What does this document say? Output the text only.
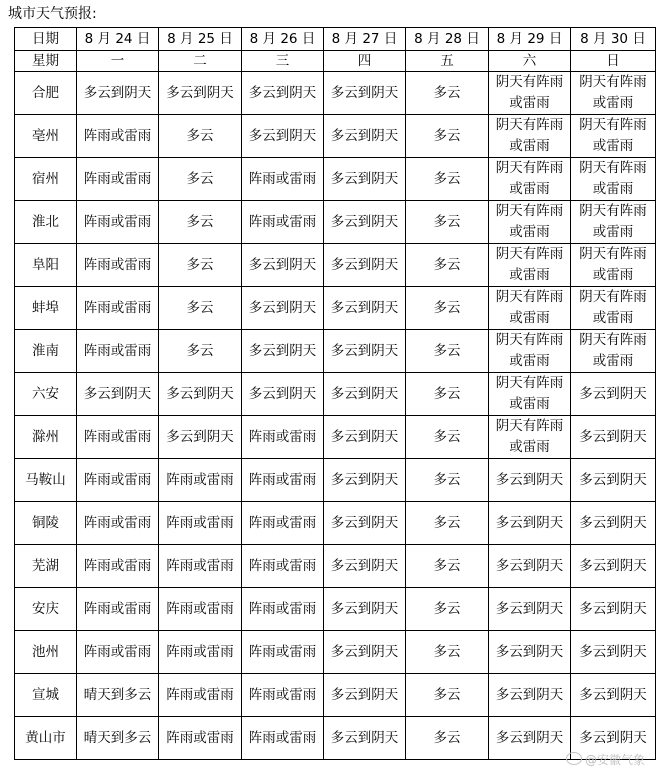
城市天气预报:
日期	8 月 24 日	8 月 25 日	8 月 26 日	8 月 27 日	8 月 28 日	8 月 29 日	8 月 30 日
星期	一	二	三	四	五	六	日
合肥	多云到阴天	多云到阴天	多云到阴天	多云到阴天	多云	阴天有阵雨或雷雨	阴天有阵雨或雷雨
亳州	阵雨或雷雨	多云	多云到阴天	多云到阴天	多云	阴天有阵雨或雷雨	阴天有阵雨或雷雨
宿州	阵雨或雷雨	多云	阵雨或雷雨	多云到阴天	多云	阴天有阵雨或雷雨	阴天有阵雨或雷雨
淮北	阵雨或雷雨	多云	阵雨或雷雨	多云到阴天	多云	阴天有阵雨或雷雨	阴天有阵雨或雷雨
阜阳	阵雨或雷雨	多云	多云到阴天	多云到阴天	多云	阴天有阵雨或雷雨	阴天有阵雨或雷雨
蚌埠	阵雨或雷雨	多云	多云到阴天	多云到阴天	多云	阴天有阵雨或雷雨	阴天有阵雨或雷雨
淮南	阵雨或雷雨	多云	多云到阴天	多云到阴天	多云	阴天有阵雨或雷雨	阴天有阵雨或雷雨
六安	多云到阴天	多云到阴天	多云到阴天	多云到阴天	多云	阴天有阵雨或雷雨	多云到阴天
滁州	阵雨或雷雨	多云到阴天	阵雨或雷雨	多云到阴天	多云	阴天有阵雨或雷雨	多云到阴天
马鞍山	阵雨或雷雨	阵雨或雷雨	阵雨或雷雨	多云到阴天	多云	多云到阴天	多云到阴天
铜陵	阵雨或雷雨	阵雨或雷雨	阵雨或雷雨	多云到阴天	多云	多云到阴天	多云到阴天
芜湖	阵雨或雷雨	阵雨或雷雨	阵雨或雷雨	多云到阴天	多云	多云到阴天	多云到阴天
安庆	阵雨或雷雨	阵雨或雷雨	阵雨或雷雨	多云到阴天	多云	多云到阴天	多云到阴天
池州	阵雨或雷雨	阵雨或雷雨	阵雨或雷雨	多云到阴天	多云	多云到阴天	多云到阴天
宣城	晴天到多云	阵雨或雷雨	阵雨或雷雨	多云到阴天	多云	多云到阴天	多云到阴天
黄山市	晴天到多云	阵雨或雷雨	阵雨或雷雨	多云到阴天	多云	多云到阴天	多云到阴天
@安徽气象
